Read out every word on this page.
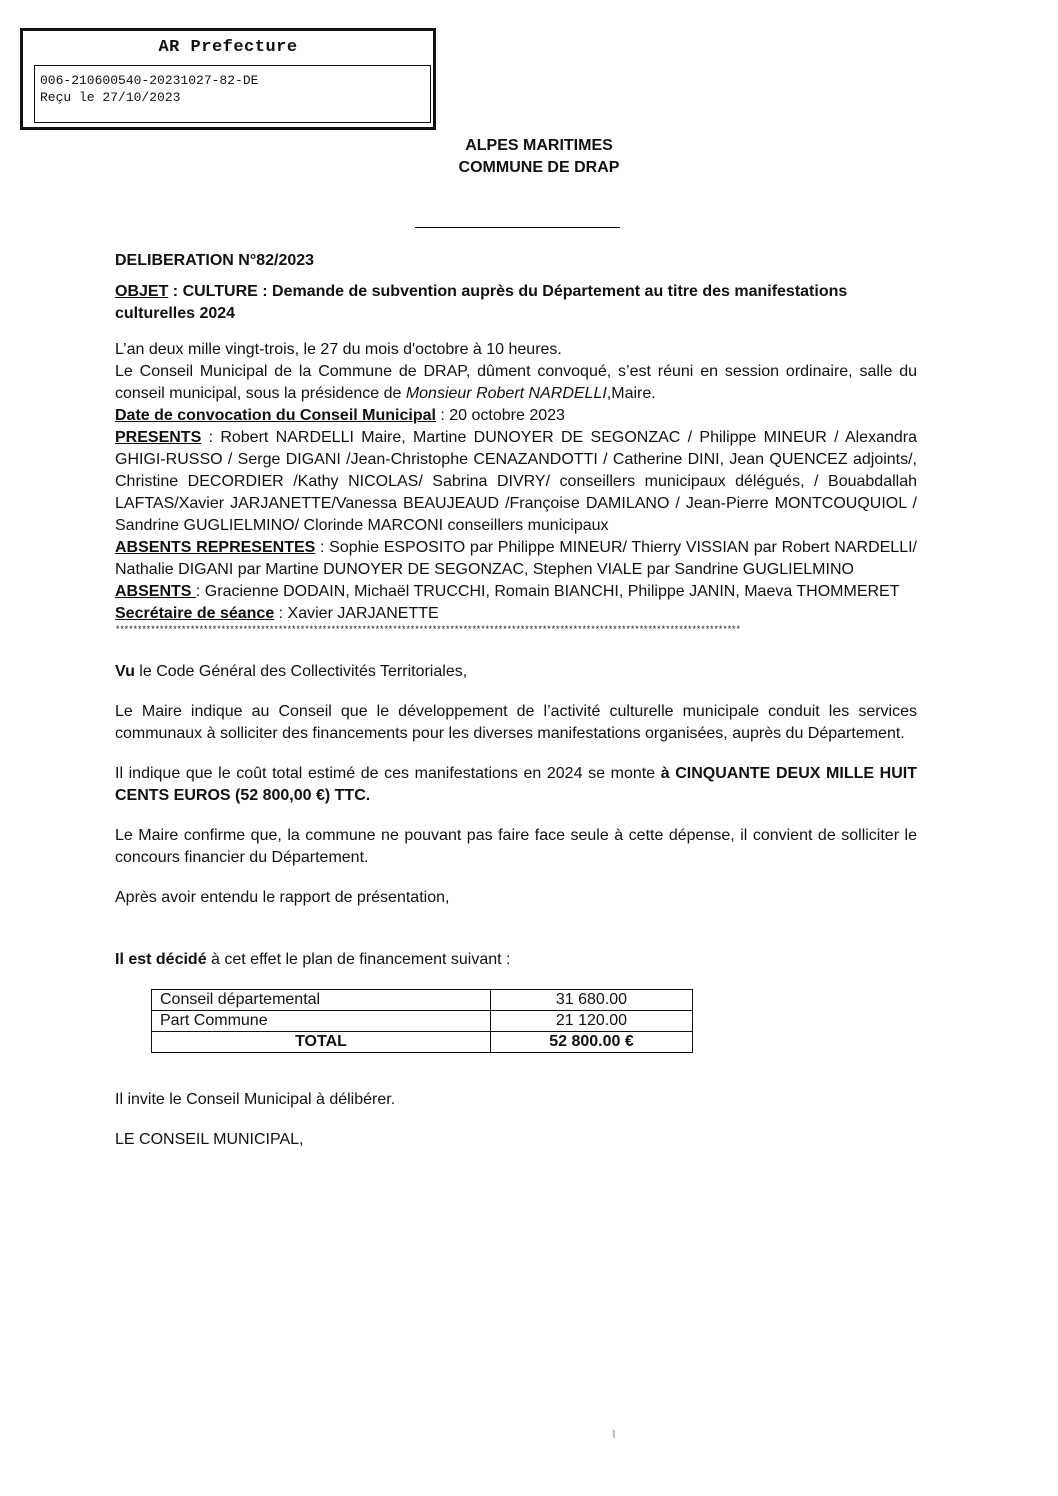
AR Prefecture
006-210600540-20231027-82-DE
Reçu le 27/10/2023
ALPES MARITIMES
COMMUNE DE DRAP
DELIBERATION N°82/2023
OBJET : CULTURE : Demande de subvention auprès du Département au titre des manifestations culturelles 2024
L’an deux mille vingt-trois, le 27 du mois d'octobre à 10 heures.
Le Conseil Municipal de la Commune de DRAP, dûment convoqué, s’est réuni en session ordinaire, salle du conseil municipal, sous la présidence de Monsieur Robert NARDELLI,Maire.
Date de convocation du Conseil Municipal : 20 octobre 2023
PRESENTS : Robert NARDELLI Maire, Martine DUNOYER DE SEGONZAC / Philippe MINEUR / Alexandra GHIGI-RUSSO / Serge DIGANI /Jean-Christophe CENAZANDOTTI / Catherine DINI, Jean QUENCEZ adjoints/, Christine DECORDIER /Kathy NICOLAS/ Sabrina DIVRY/ conseillers municipaux délégués, / Bouabdallah LAFTAS/Xavier JARJANETTE/Vanessa BEAUJEAUD /Françoise DAMILANO / Jean-Pierre MONTCOUQUIOL / Sandrine GUGLIELMINO/ Clorinde MARCONI conseillers municipaux
ABSENTS REPRESENTES : Sophie ESPOSITO par Philippe MINEUR/ Thierry VISSIAN par Robert NARDELLI/ Nathalie DIGANI par Martine DUNOYER DE SEGONZAC, Stephen VIALE par Sandrine GUGLIELMINO
ABSENTS : Gracienne DODAIN, Michaël TRUCCHI, Romain BIANCHI, Philippe JANIN, Maeva THOMMERET
Secrétaire de séance : Xavier JARJANETTE
**********************************************************************************************************************************************
Vu le Code Général des Collectivités Territoriales,
Le Maire indique au Conseil que le développement de l’activité culturelle municipale conduit les services communaux à solliciter des financements pour les diverses manifestations organisées, auprès du Département.
Il indique que le coût total estimé de ces manifestations en 2024 se monte à CINQUANTE DEUX MILLE HUIT CENTS EUROS (52 800,00 €) TTC.
Le Maire confirme que, la commune ne pouvant pas faire face seule à cette dépense, il convient de solliciter le concours financier du Département.
Après avoir entendu le rapport de présentation,
Il est décidé à cet effet le plan de financement suivant :
Conseil départemental	31 680.00
Part Commune	21 120.00
TOTAL	52 800.00 €
Il invite le Conseil Municipal à délibérer.
LE CONSEIL MUNICIPAL,
